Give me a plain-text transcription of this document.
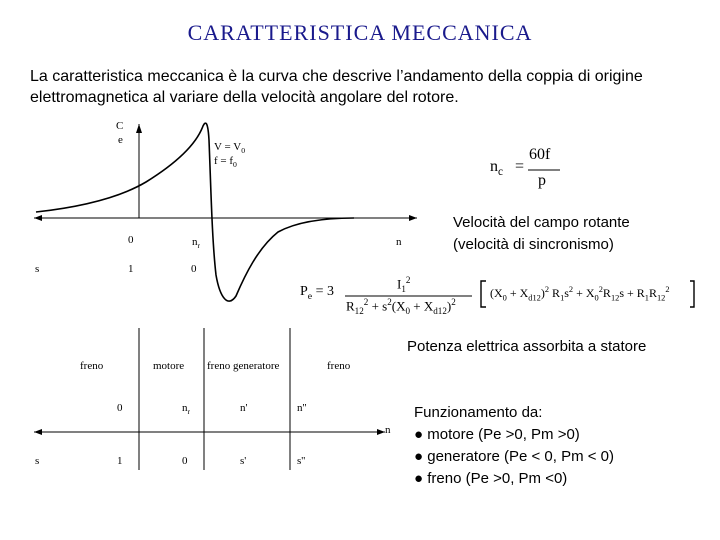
CARATTERISTICA MECCANICA
La caratteristica meccanica è la curva che descrive l’andamento della coppia di origine elettromagnetica al variare della velocità angolare del rotore.
C
e
$V = V_0$
$f = f_0$
0	$n_r$	n
s	1	0
$n_c$ =
60f
p
Velocità del campo rotante
(velocità di sincronismo)
$P_e = 3$
$I_1^2$
$R_{12}^2 + s^2(X_0 + X_{d12})^2$
$(X_0 + X_{d12})^2$ $R_1s^2 + X_0^2R_{12}s + R_1R_{12}^2$
Potenza elettrica assorbita a statore
freno	motore freno generatore	freno
0	$n_r$	n'	n''
n
s	1	0	s'	s''
Funzionamento da:
● motore (Pe >0, Pm >0)
● generatore (Pe < 0, Pm < 0)
● freno (Pe >0, Pm <0)
